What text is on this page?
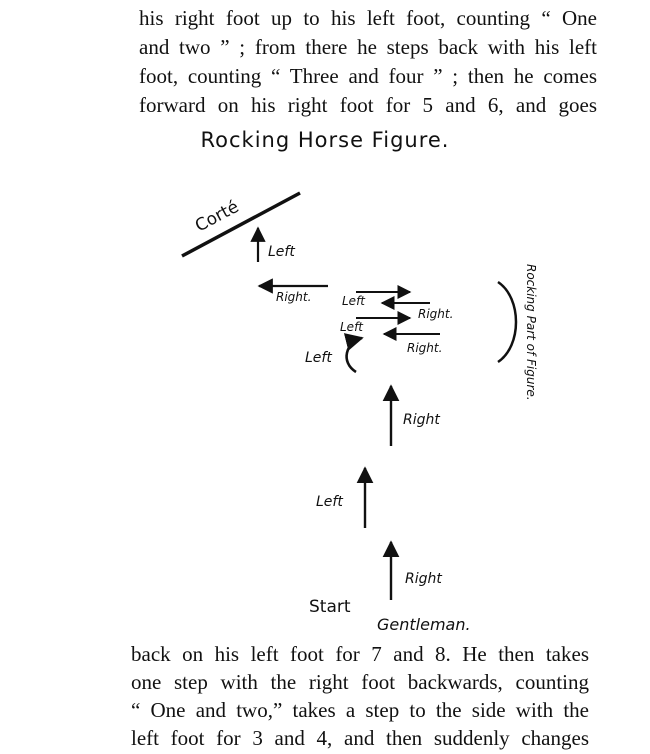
his right foot up to his left foot, counting “ One
and two ” ; from there he steps back with his left
foot, counting “ Three and four ” ; then he comes
forward on his right foot for 5 and 6, and goes
Rocking Horse Figure.
Corté
Left
Right.	Left
Right.
Left
Right.
Left	Rocking Part of Figure.
Right
Left
Right
Start
Gentleman.
back on his left foot for 7 and 8. He then takes
one step with the right foot backwards, counting
“ One and two,” takes a step to the side with the
left foot for 3 and 4, and then suddenly changes
